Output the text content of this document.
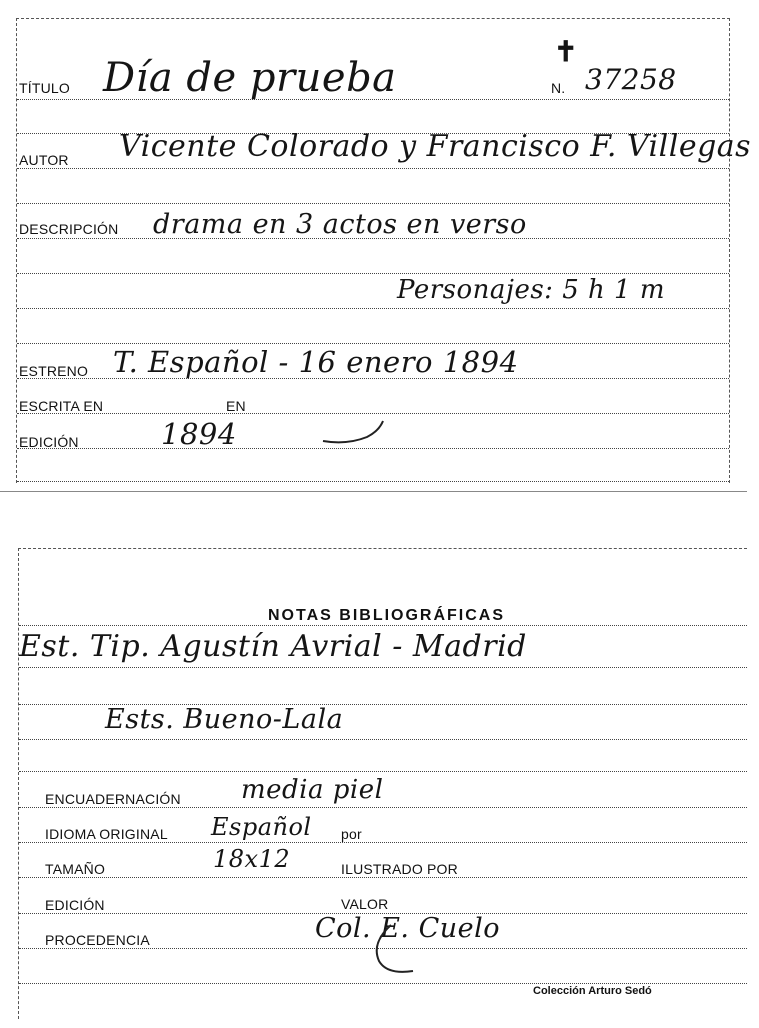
TÍTULO Día de prueba
✝
N. 37258
AUTOR Vicente Colorado y Francisco F. Villegas
DESCRIPCIÓN drama en 3 actos en verso
Personajes: 5 h 1 m
ESTRENO T. Español - 16 enero 1894
ESCRITA EN	EN
EDICIÓN	1894
NOTAS BIBLIOGRÁFICAS
Est. Tip. Agustín Avrial - Madrid
Ests. Bueno-Lala
ENCUADERNACIÓN media piel
IDIOMA ORIGINAL Español por
TAMAÑO	18x12	ILUSTRADO POR
EDICIÓN	VALOR
PROCEDENCIA	Col. E. Cuelo
Colección Arturo Sedó
